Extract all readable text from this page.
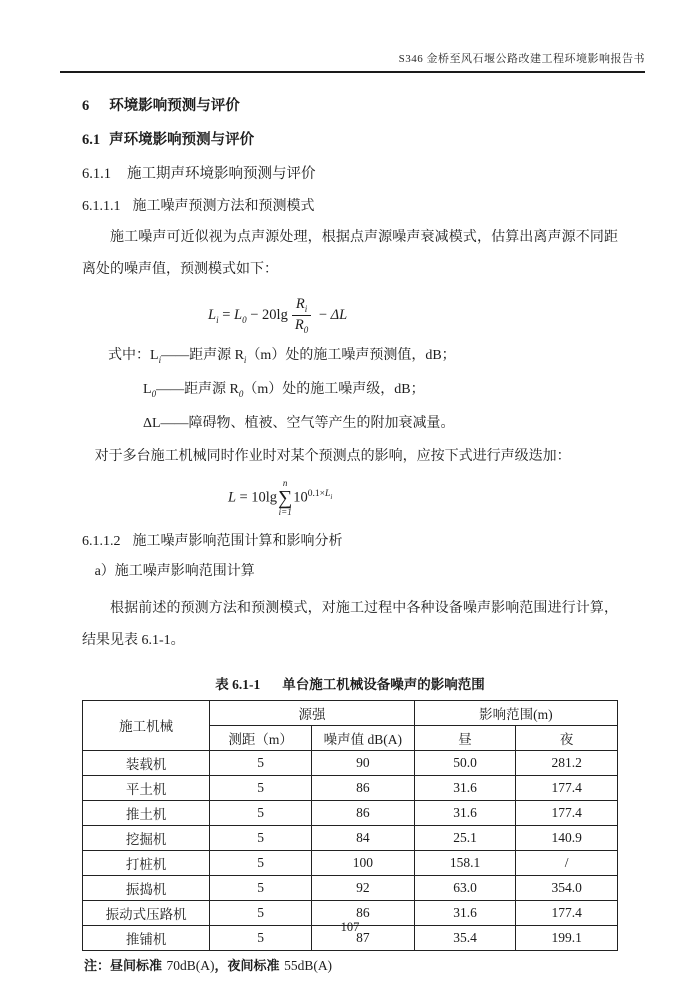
S346 金桥至风石堰公路改建工程环境影响报告书
6 环境影响预测与评价
6.1 声环境影响预测与评价
6.1.1 施工期声环境影响预测与评价
6.1.1.1 施工噪声预测方法和预测模式

施工噪声可近似视为点声源处理，根据点声源噪声衰减模式，估算出离声源不同距离处的噪声值，预测模式如下：

$L_i = L_0 - 20\lg \frac{R_i}{R_0} - \Delta L$
式中：$L_i——$距声源 $R_i(m)$处的施工噪声预测值，dB；
$L_0——$距声源 $R_0(m)$处的施工噪声级，dB；
ΔL——障碍物、植被、空气等产生的附加衰减量。

对于多台施工机械同时作业时对某个预测点的影响，应按下式进行声级迭加：

L = 10lg
n
∑
i=1
$10^{0.1\times L_i}$
6.1.1.2 施工噪声影响范围计算和影响分析

a）施工噪声影响范围计算

根据前述的预测方法和预测模式，对施工过程中各种设备噪声影响范围进行计算，结果见表 6.1-1。

表 6.1-1 单台施工机械设备噪声的影响范围
施工机械	源强		影响范围(m)	
	测距（m）	噪声值 dB(A)	昼	夜
装载机	5	90	50.0	281.2
平土机	5	86	31.6	177.4
推土机	5	86	31.6	177.4
挖掘机	5	84	25.1	140.9
打桩机	5	100	158.1	/
振捣机	5	92	63.0	354.0
振动式压路机	5	86	31.6	177.4
推铺机	5	87	35.4	199.1
注：昼间标准 70dB(A)，夜间标准 55dB(A)
107
